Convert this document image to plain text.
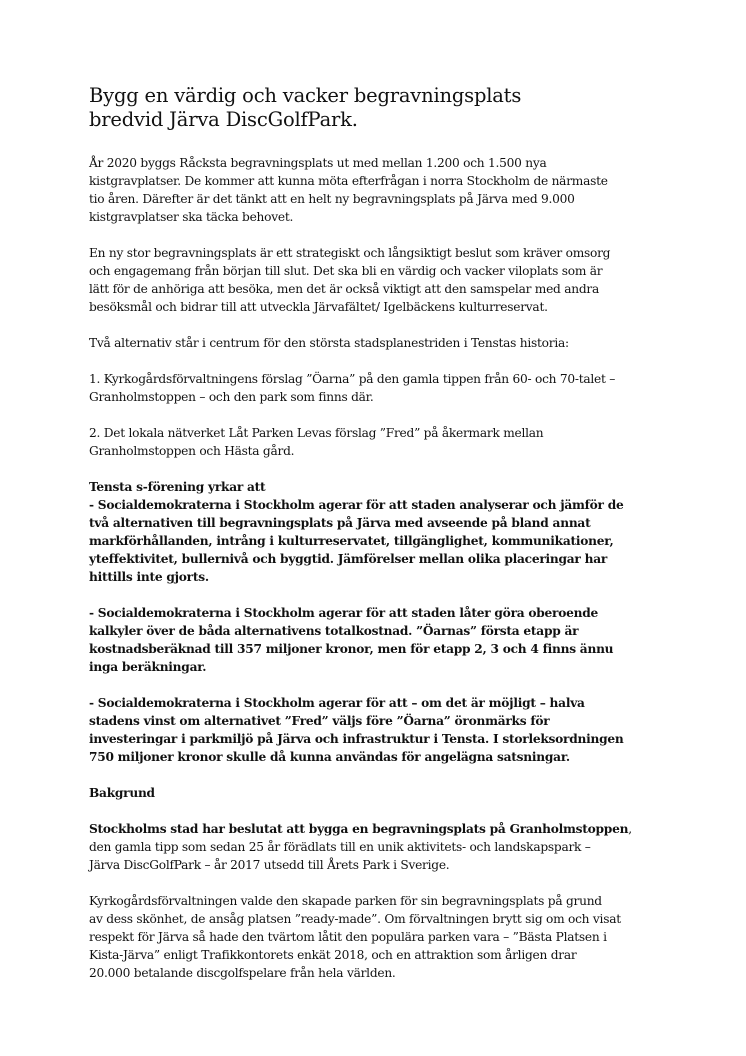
Bygg en värdig och vacker begravningsplats
bredvid Järva DiscGolfPark.

År 2020 byggs Råcksta begravningsplats ut med mellan 1.200 och 1.500 nya
kistgravplatser. De kommer att kunna möta efterfrågan i norra Stockholm de närmaste
tio åren. Därefter är det tänkt att en helt ny begravningsplats på Järva med 9.000
kistgravplatser ska täcka behovet.

En ny stor begravningsplats är ett strategiskt och långsiktigt beslut som kräver omsorg
och engagemang från början till slut. Det ska bli en värdig och vacker viloplats som är
lätt för de anhöriga att besöka, men det är också viktigt att den samspelar med andra
besöksmål och bidrar till att utveckla Järvafältet/ Igelbäckens kulturreservat.

Två alternativ står i centrum för den största stadsplanestriden i Tenstas historia:

1. Kyrkogårdsförvaltningens förslag ”Öarna” på den gamla tippen från 60- och 70-talet –
Granholmstoppen – och den park som finns där.

2. Det lokala nätverket Låt Parken Levas förslag ”Fred” på åkermark mellan
Granholmstoppen och Hästa gård.

Tensta s-förening yrkar att
- Socialdemokraterna i Stockholm agerar för att staden analyserar och jämför de
två alternativen till begravningsplats på Järva med avseende på bland annat
markförhållanden, intrång i kulturreservatet, tillgänglighet, kommunikationer,
yteffektivitet, bullernivå och byggtid. Jämförelser mellan olika placeringar har
hittills inte gjorts.

- Socialdemokraterna i Stockholm agerar för att staden låter göra oberoende
kalkyler över de båda alternativens totalkostnad. ”Öarnas” första etapp är
kostnadsberäknad till 357 miljoner kronor, men för etapp 2, 3 och 4 finns ännu
inga beräkningar.

- Socialdemokraterna i Stockholm agerar för att – om det är möjligt – halva
stadens vinst om alternativet ”Fred” väljs före ”Öarna” öronmärks för
investeringar i parkmiljö på Järva och infrastruktur i Tensta. I storleksordningen
750 miljoner kronor skulle då kunna användas för angelägna satsningar.

Bakgrund

Stockholms stad har beslutat att bygga en begravningsplats på Granholmstoppen,
den gamla tipp som sedan 25 år förädlats till en unik aktivitets- och landskapspark –
Järva DiscGolfPark – år 2017 utsedd till Årets Park i Sverige.

Kyrkogårdsförvaltningen valde den skapade parken för sin begravningsplats på grund
av dess skönhet, de ansåg platsen ”ready-made”. Om förvaltningen brytt sig om och visat
respekt för Järva så hade den tvärtom låtit den populära parken vara – ”Bästa Platsen i
Kista-Järva” enligt Trafikkontorets enkät 2018, och en attraktion som årligen drar
20.000 betalande discgolfspelare från hela världen.
